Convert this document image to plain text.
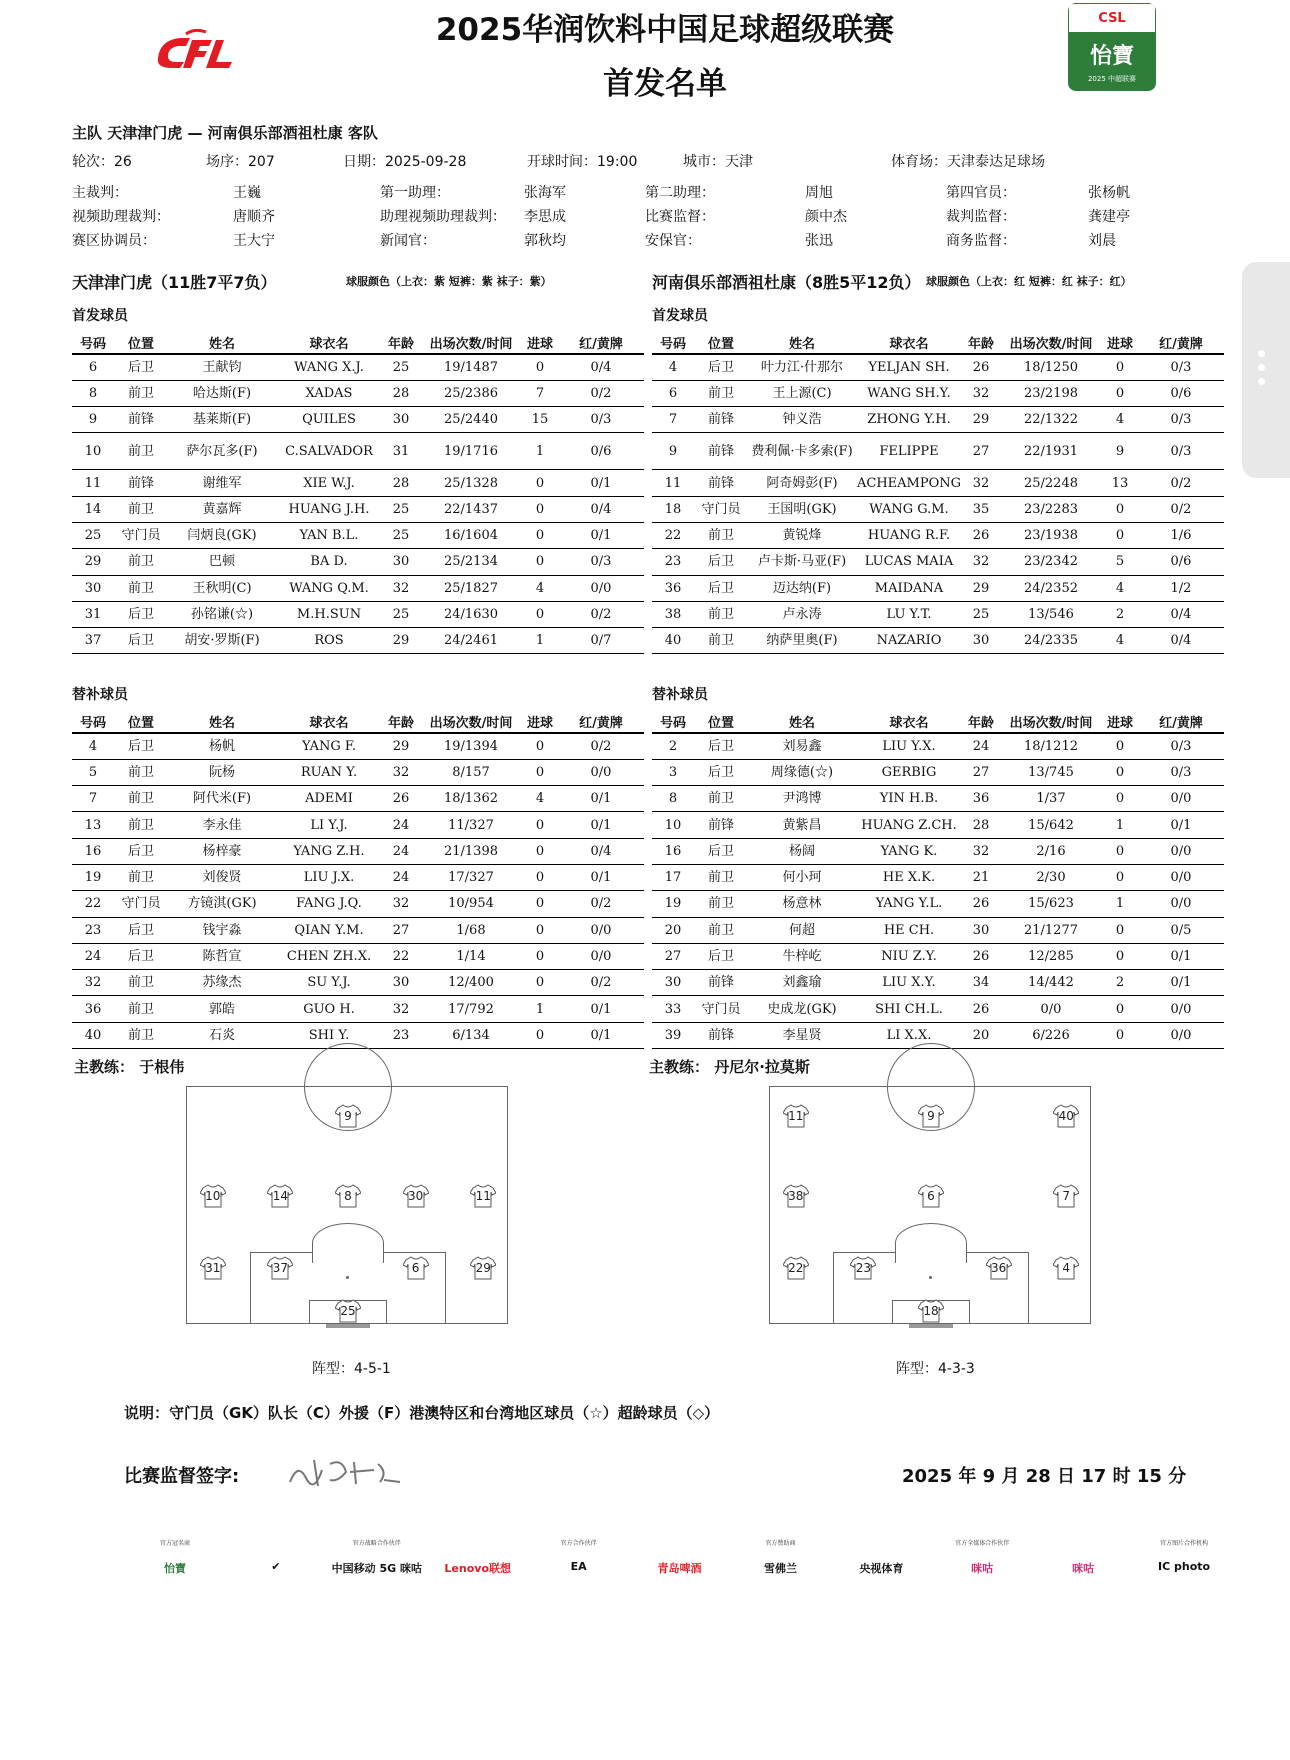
2025华润饮料中国足球超级联赛
首发名单
CSL
怡寶
2025 中超联赛
主队 天津津门虎 — 河南俱乐部酒祖杜康 客队
轮次：26	场序：207	日期：2025-09-28	开球时间：19:00	城市：天津	体育场：天津泰达足球场
主裁判：	王巍	第一助理：	张海军	第二助理：	周旭	第四官员：	张杨帆
视频助理裁判：	唐顺齐	助理视频助理裁判： 李思成	比赛监督：	颜中杰	裁判监督：	龚建亭
赛区协调员：	王大宁	新闻官：	郭秋均	安保官：	张迅	商务监督：	刘晨
天津津门虎（11胜7平7负）	球服颜色（上衣：紫 短裤：紫 袜子：紫）	河南俱乐部酒祖杜康（8胜5平12负） 球服颜色（上衣：红 短裤：红 袜子：红）
首发球员	首发球员
替补球员	替补球员
号码	位置	姓名	球衣名	年龄	出场次数/时间	进球	红/黄牌
6	后卫	王献钧	WANG X.J.	25	19/1487	0	0/4
8	前卫	哈达斯(F)	XADAS	28	25/2386	7	0/2
9	前锋	基莱斯(F)	QUILES	30	25/2440	15	0/3
10	前卫	萨尔瓦多(F)	C.SALVADOR	31	19/1716	1	0/6
11	前锋	谢维军	XIE W.J.	28	25/1328	0	0/1
14	前卫	黄嘉辉	HUANG J.H.	25	22/1437	0	0/4
25	守门员	闫炳良(GK)	YAN B.L.	25	16/1604	0	0/1
29	前卫	巴顿	BA D.	30	25/2134	0	0/3
30	前卫	王秋明(C)	WANG Q.M.	32	25/1827	4	0/0
31	后卫	孙铭谦(☆)	M.H.SUN	25	24/1630	0	0/2
37	后卫	胡安·罗斯(F)	ROS	29	24/2461	1	0/7
号码	位置	姓名	球衣名	年龄	出场次数/时间	进球	红/黄牌
4	后卫	叶力江·什那尔	YELJAN SH.	26	18/1250	0	0/3
6	前卫	王上源(C)	WANG SH.Y.	32	23/2198	0	0/6
7	前锋	钟义浩	ZHONG Y.H.	29	22/1322	4	0/3
9	前锋	费利佩·卡多索(F)	FELIPPE	27	22/1931	9	0/3
11	前锋	阿奇姆彭(F)	ACHEAMPONG	32	25/2248	13	0/2
18	守门员	王国明(GK)	WANG G.M.	35	23/2283	0	0/2
22	前卫	黄锐烽	HUANG R.F.	26	23/1938	0	1/6
23	后卫	卢卡斯·马亚(F)	LUCAS MAIA	32	23/2342	5	0/6
36	后卫	迈达纳(F)	MAIDANA	29	24/2352	4	1/2
38	前卫	卢永涛	LU Y.T.	25	13/546	2	0/4
40	前卫	纳萨里奥(F)	NAZARIO	30	24/2335	4	0/4
号码	位置	姓名	球衣名	年龄	出场次数/时间	进球	红/黄牌
4	后卫	杨帆	YANG F.	29	19/1394	0	0/2
5	前卫	阮杨	RUAN Y.	32	8/157	0	0/0
7	前卫	阿代米(F)	ADEMI	26	18/1362	4	0/1
13	前卫	李永佳	LI Y.J.	24	11/327	0	0/1
16	后卫	杨梓豪	YANG Z.H.	24	21/1398	0	0/4
19	前卫	刘俊贤	LIU J.X.	24	17/327	0	0/1
22	守门员	方镜淇(GK)	FANG J.Q.	32	10/954	0	0/2
23	后卫	钱宇淼	QIAN Y.M.	27	1/68	0	0/0
24	后卫	陈哲宣	CHEN ZH.X.	22	1/14	0	0/0
32	前卫	苏缘杰	SU Y.J.	30	12/400	0	0/2
36	前卫	郭皓	GUO H.	32	17/792	1	0/1
40	前卫	石炎	SHI Y.	23	6/134	0	0/1
号码	位置	姓名	球衣名	年龄	出场次数/时间	进球	红/黄牌
2	后卫	刘易鑫	LIU Y.X.	24	18/1212	0	0/3
3	后卫	周缘德(☆)	GERBIG	27	13/745	0	0/3
8	前卫	尹鸿博	YIN H.B.	36	1/37	0	0/0
10	前锋	黄紫昌	HUANG Z.CH.	28	15/642	1	0/1
16	后卫	杨阔	YANG K.	32	2/16	0	0/0
17	前卫	何小珂	HE X.K.	21	2/30	0	0/0
19	前卫	杨意林	YANG Y.L.	26	15/623	1	0/0
20	前卫	何超	HE CH.	30	21/1277	0	0/5
27	后卫	牛梓屹	NIU Z.Y.	26	12/285	0	0/1
30	前锋	刘鑫瑜	LIU X.Y.	34	14/442	2	0/1
33	守门员	史成龙(GK)	SHI CH.L.	26	0/0	0	0/0
39	前锋	李星贤	LI X.X.	20	6/226	0	0/0
主教练： 于根伟	主教练： 丹尼尔·拉莫斯
9
10	14	8	30	11
31	37	6	29
25
11	9	40
38	6	7
22	23	36	4
18
阵型：4-5-1	阵型：4-3-3
说明：守门员（GK）队长（C）外援（F）港澳特区和台湾地区球员（☆）超龄球员（◇）
比赛监督签字:	2025 年 9 月 28 日 17 时 15 分
官方冠名商
怡寶	✔
官方战略合作伙伴
中国移动 5G 咪咕	Lenovo联想
官方合作伙伴
EA	青岛啤酒
官方赞助商
雪佛兰	央视体育
官方全媒体合作伙伴
咪咕	咪咕
官方图片合作机构
IC photo
